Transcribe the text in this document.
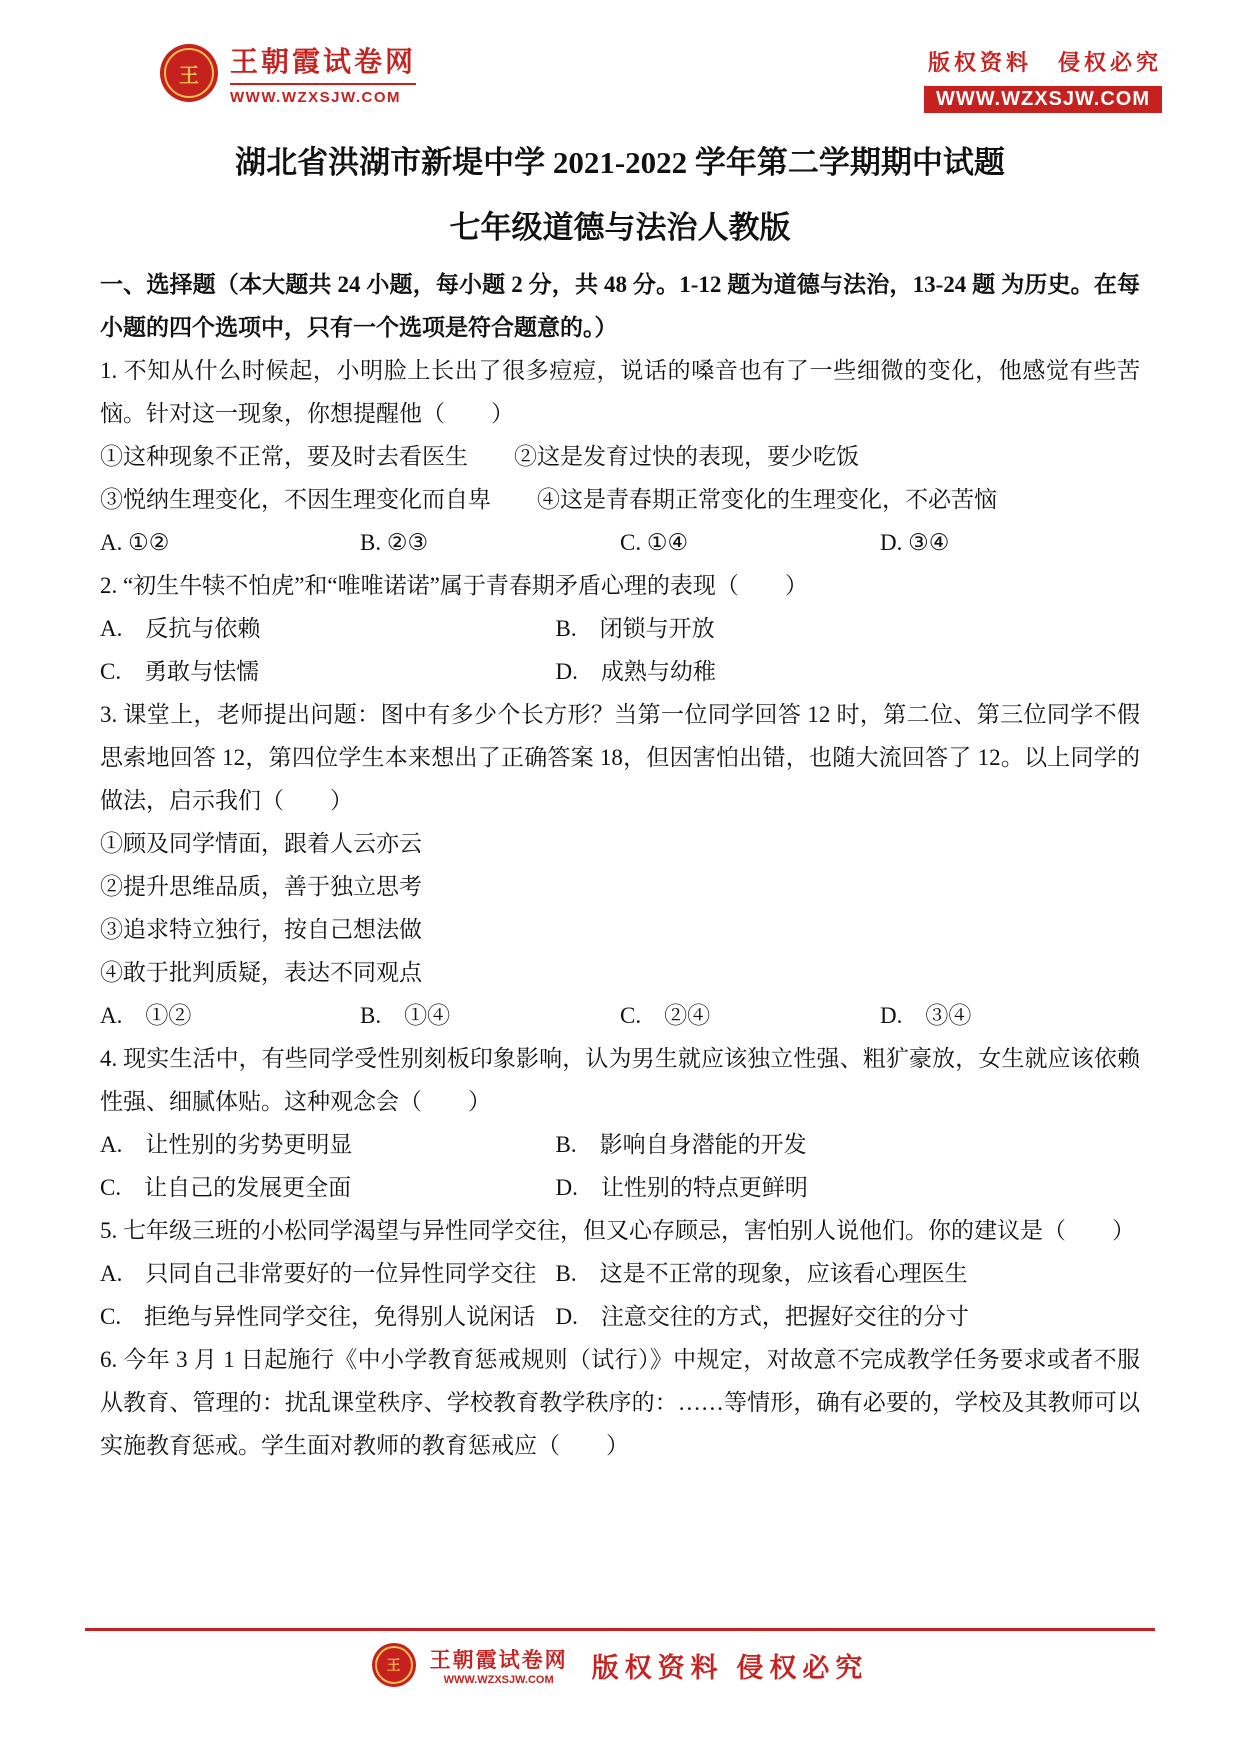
王	王朝霞试卷网
WWW.WZXSJW.COM
版权资料　侵权必究
WWW.WZXSJW.COM
湖北省洪湖市新堤中学 2021-2022 学年第二学期期中试题
七年级道德与法治人教版

一、选择题（本大题共 24 小题，每小题 2 分，共 48 分。1-12 题为道德与法治，13-24 题 为历史。在每小题的四个选项中，只有一个选项是符合题意的。）

1. 不知从什么时候起，小明脸上长出了很多痘痘，说话的嗓音也有了一些细微的变化，他感觉有些苦恼。针对这一现象，你想提醒他（　　）

①这种现象不正常，要及时去看医生　　②这是发育过快的表现，要少吃饭

③悦纳生理变化，不因生理变化而自卑　　④这是青春期正常变化的生理变化，不必苦恼

A. ①②	B. ②③	C. ①④	D. ③④

2. “初生牛犊不怕虎”和“唯唯诺诺”属于青春期矛盾心理的表现（　　）

A.　反抗与依赖	B.　闭锁与开放
C.　勇敢与怯懦	D.　成熟与幼稚

3. 课堂上，老师提出问题：图中有多少个长方形？当第一位同学回答 12 时，第二位、第三位同学不假思索地回答 12，第四位学生本来想出了正确答案 18，但因害怕出错，也随大流回答了 12。以上同学的做法，启示我们（　　）

①顾及同学情面，跟着人云亦云

②提升思维品质，善于独立思考

③追求特立独行，按自己想法做

④敢于批判质疑，表达不同观点

A.　①②	B.　①④	C.　②④	D.　③④

4. 现实生活中，有些同学受性别刻板印象影响，认为男生就应该独立性强、粗犷豪放，女生就应该依赖性强、细腻体贴。这种观念会（　　）

A.　让性别的劣势更明显	B.　影响自身潜能的开发
C.　让自己的发展更全面	D.　让性别的特点更鲜明

5. 七年级三班的小松同学渴望与异性同学交往，但又心存顾忌，害怕别人说他们。你的建议是（　　）

A.　只同自己非常要好的一位异性同学交往 B.　这是不正常的现象，应该看心理医生
C.　拒绝与异性同学交往，免得别人说闲话 D.　注意交往的方式，把握好交往的分寸

6. 今年 3 月 1 日起施行《中小学教育惩戒规则（试行）》中规定，对故意不完成教学任务要求或者不服从教育、管理的：扰乱课堂秩序、学校教育教学秩序的：……等情形，确有必要的，学校及其教师可以实施教育惩戒。学生面对教师的教育惩戒应（　　）

王	王朝霞试卷网
WWW.WZXSJW.COM 版权资料 侵权必究
